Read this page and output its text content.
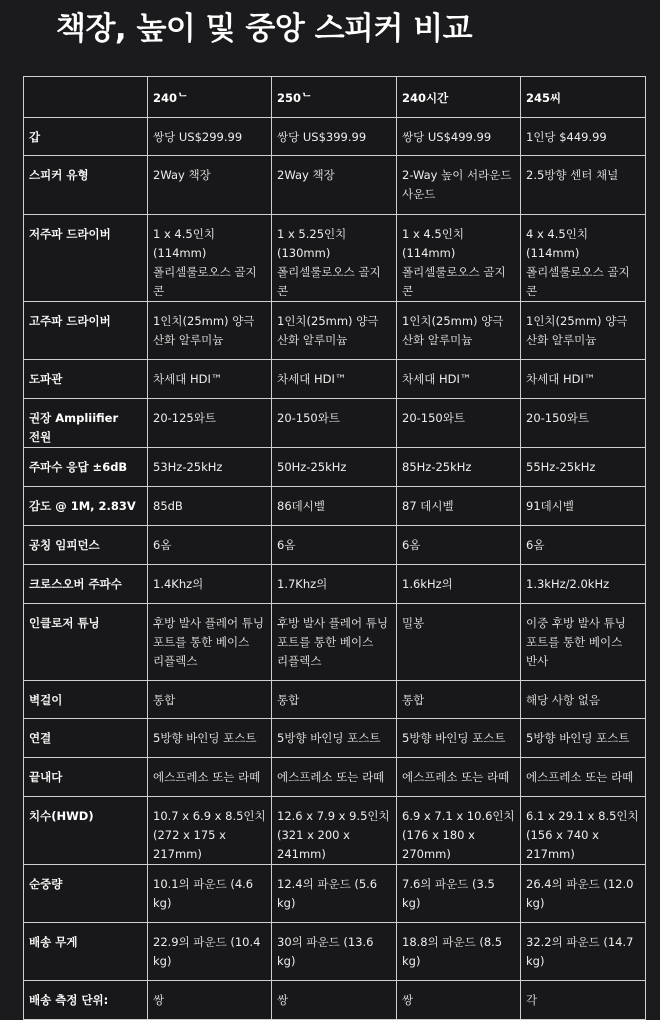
책장, 높이 및 중앙 스피커 비교
	240ᄂ	250ᄂ	240시간	245씨
갑	쌍당 US$299.99	쌍당 US$399.99	쌍당 US$499.99	1인당 $449.99
스피커 유형	2Way 책장	2Way 책장	2-Way 높이 서라운드 사운드	2.5방향 센터 채널
저주파 드라이버	1 x 4.5인치(114mm) 폴리셀룰로오스 골지 콘	1 x 5.25인치(130mm) 폴리셀룰로오스 골지 콘	1 x 4.5인치(114mm) 폴리셀룰로오스 골지 콘	4 x 4.5인치(114mm) 폴리셀룰로오스 골지 콘
고주파 드라이버	1인치(25mm) 양극 산화 알루미늄	1인치(25mm) 양극 산화 알루미늄	1인치(25mm) 양극 산화 알루미늄	1인치(25mm) 양극 산화 알루미늄
도파관	차세대 HDI™	차세대 HDI™	차세대 HDI™	차세대 HDI™
권장 Ampliifier 전원	20-125와트	20-150와트	20-150와트	20-150와트
주파수 응답 ±6dB	53Hz-25kHz	50Hz-25kHz	85Hz-25kHz	55Hz-25kHz
감도 @ 1M, 2.83V	85dB	86데시벨	87 데시벨	91데시벨
공칭 임피던스	6옴	6옴	6옴	6옴
크로스오버 주파수	1.4Khz의	1.7Khz의	1.6kHz의	1.3kHz/2.0kHz
인클로저 튜닝	후방 발사 플레어 튜닝 포트를 통한 베이스 리플렉스	후방 발사 플레어 튜닝 포트를 통한 베이스 리플렉스	밀봉	이중 후방 발사 튜닝 포트를 통한 베이스 반사
벽걸이	통합	통합	통합	해당 사항 없음
연결	5방향 바인딩 포스트	5방향 바인딩 포스트	5방향 바인딩 포스트	5방향 바인딩 포스트
끝내다	에스프레소 또는 라떼	에스프레소 또는 라떼	에스프레소 또는 라떼	에스프레소 또는 라떼
치수(HWD)	10.7 x 6.9 x 8.5인치 (272 x 175 x 217mm)	12.6 x 7.9 x 9.5인치 (321 x 200 x 241mm)	6.9 x 7.1 x 10.6인치 (176 x 180 x 270mm)	6.1 x 29.1 x 8.5인치 (156 x 740 x 217mm)
순중량	10.1의 파운드 (4.6 kg)	12.4의 파운드 (5.6 kg)	7.6의 파운드 (3.5 kg)	26.4의 파운드 (12.0 kg)
배송 무게	22.9의 파운드 (10.4 kg)	30의 파운드 (13.6 kg)	18.8의 파운드 (8.5 kg)	32.2의 파운드 (14.7 kg)
배송 측정 단위:	쌍	쌍	쌍	각
